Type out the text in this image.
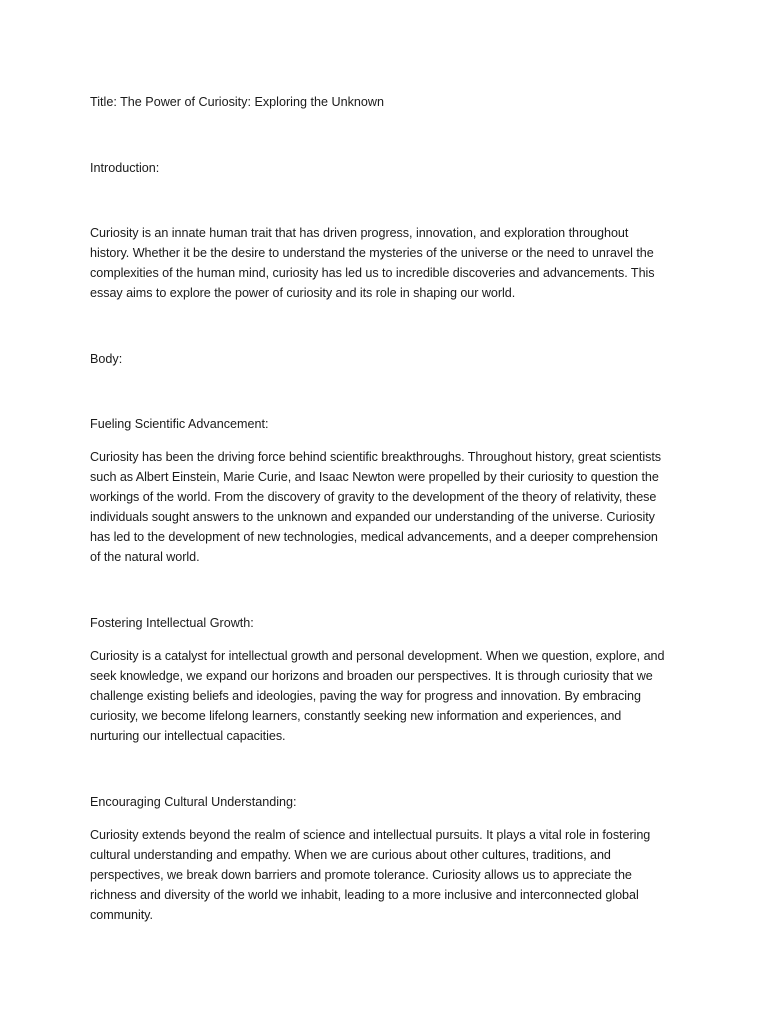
Title: The Power of Curiosity: Exploring the Unknown

Introduction:

Curiosity is an innate human trait that has driven progress, innovation, and exploration throughout
history. Whether it be the desire to understand the mysteries of the universe or the need to unravel the
complexities of the human mind, curiosity has led us to incredible discoveries and advancements. This
essay aims to explore the power of curiosity and its role in shaping our world.

Body:

Fueling Scientific Advancement:

Curiosity has been the driving force behind scientific breakthroughs. Throughout history, great scientists
such as Albert Einstein, Marie Curie, and Isaac Newton were propelled by their curiosity to question the
workings of the world. From the discovery of gravity to the development of the theory of relativity, these
individuals sought answers to the unknown and expanded our understanding of the universe. Curiosity
has led to the development of new technologies, medical advancements, and a deeper comprehension
of the natural world.

Fostering Intellectual Growth:

Curiosity is a catalyst for intellectual growth and personal development. When we question, explore, and
seek knowledge, we expand our horizons and broaden our perspectives. It is through curiosity that we
challenge existing beliefs and ideologies, paving the way for progress and innovation. By embracing
curiosity, we become lifelong learners, constantly seeking new information and experiences, and
nurturing our intellectual capacities.

Encouraging Cultural Understanding:

Curiosity extends beyond the realm of science and intellectual pursuits. It plays a vital role in fostering
cultural understanding and empathy. When we are curious about other cultures, traditions, and
perspectives, we break down barriers and promote tolerance. Curiosity allows us to appreciate the
richness and diversity of the world we inhabit, leading to a more inclusive and interconnected global
community.
